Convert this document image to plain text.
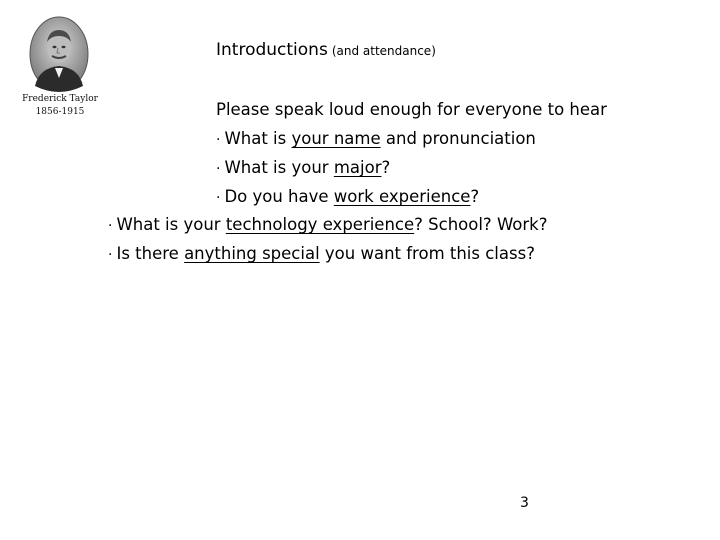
Frederick Taylor
1856-1915
Introductions (and attendance)
Please speak loud enough for everyone to hear
· What is your name and pronunciation
· What is your major?
· Do you have work experience?
· What is your technology experience? School? Work?
· Is there anything special you want from this class?
3
